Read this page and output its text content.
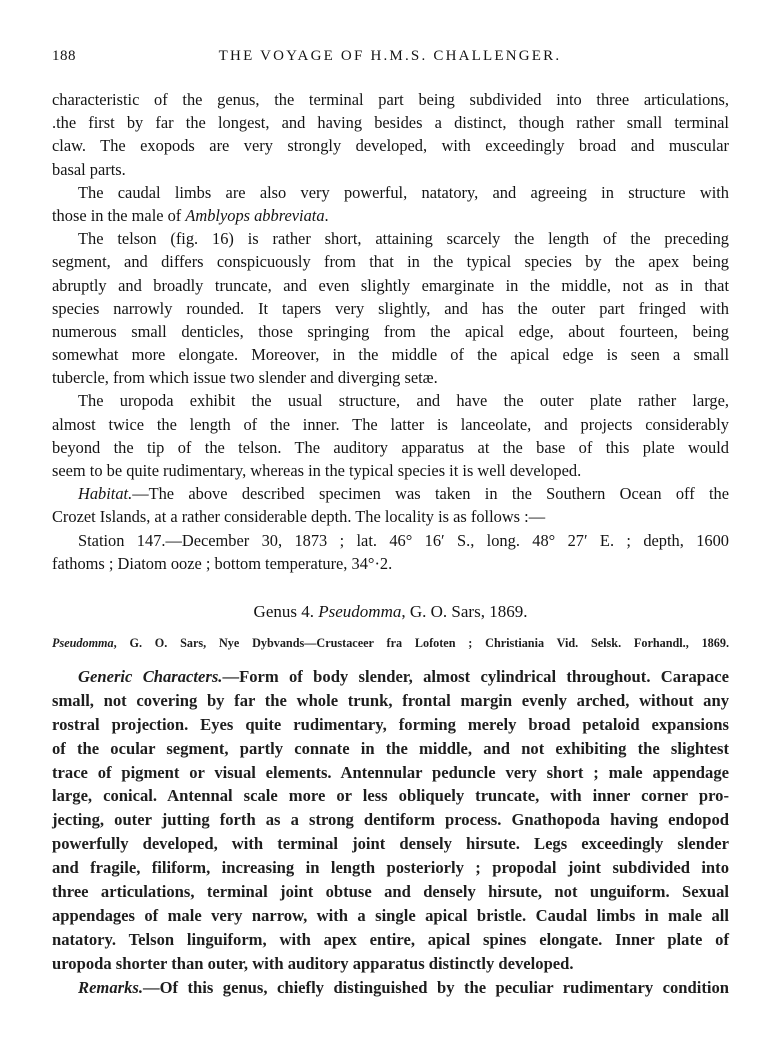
188	THE VOYAGE OF H.M.S. CHALLENGER.
characteristic of the genus, the terminal part being subdivided into three articulations,
.the first by far the longest, and having besides a distinct, though rather small terminal
claw. The exopods are very strongly developed, with exceedingly broad and muscular
basal parts.
The caudal limbs are also very powerful, natatory, and agreeing in structure with
those in the male of Amblyops abbreviata.
The telson (fig. 16) is rather short, attaining scarcely the length of the preceding
segment, and differs conspicuously from that in the typical species by the apex being
abruptly and broadly truncate, and even slightly emarginate in the middle, not as in that
species narrowly rounded. It tapers very slightly, and has the outer part fringed with
numerous small denticles, those springing from the apical edge, about fourteen, being
somewhat more elongate. Moreover, in the middle of the apical edge is seen a small
tubercle, from which issue two slender and diverging setæ.
The uropoda exhibit the usual structure, and have the outer plate rather large,
almost twice the length of the inner. The latter is lanceolate, and projects considerably
beyond the tip of the telson. The auditory apparatus at the base of this plate would
seem to be quite rudimentary, whereas in the typical species it is well developed.
Habitat.—The above described specimen was taken in the Southern Ocean off the
Crozet Islands, at a rather considerable depth. The locality is as follows :—
Station 147.—December 30, 1873 ; lat. 46° 16′ S., long. 48° 27′ E. ; depth, 1600
fathoms ; Diatom ooze ; bottom temperature, 34°·2.
Genus 4. Pseudomma, G. O. Sars, 1869.
Pseudomma, G. O. Sars, Nye Dybvands—Crustaceer fra Lofoten ; Christiania Vid. Selsk. Forhandl., 1869.
Generic Characters.—Form of body slender, almost cylindrical throughout. Carapace
small, not covering by far the whole trunk, frontal margin evenly arched, without any
rostral projection. Eyes quite rudimentary, forming merely broad petaloid expansions
of the ocular segment, partly connate in the middle, and not exhibiting the slightest
trace of pigment or visual elements. Antennular peduncle very short ; male appendage
large, conical. Antennal scale more or less obliquely truncate, with inner corner pro-
jecting, outer jutting forth as a strong dentiform process. Gnathopoda having endopod
powerfully developed, with terminal joint densely hirsute. Legs exceedingly slender
and fragile, filiform, increasing in length posteriorly ; propodal joint subdivided into
three articulations, terminal joint obtuse and densely hirsute, not unguiform. Sexual
appendages of male very narrow, with a single apical bristle. Caudal limbs in male all
natatory. Telson linguiform, with apex entire, apical spines elongate. Inner plate of
uropoda shorter than outer, with auditory apparatus distinctly developed.
Remarks.—Of this genus, chiefly distinguished by the peculiar rudimentary condition
